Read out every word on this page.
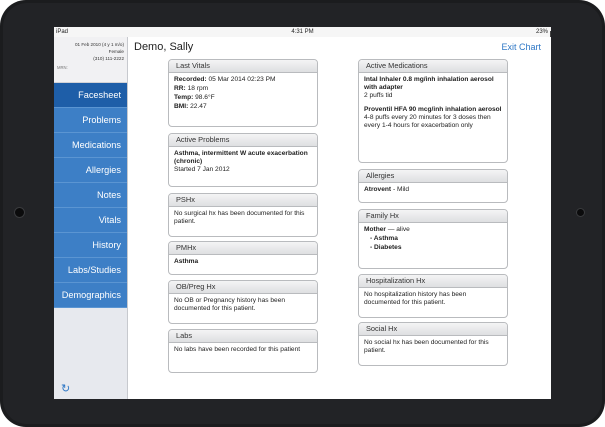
iPad	4:31 PM	23%
01 Feb 2010 (4 y 1 m/o)
Female
(310) 111-2222
MRN:
Facesheet
Problems
Medications
Allergies
Notes
Vitals
History
Labs/Studies
Demographics
↻
Demo, Sally	Exit Chart
Last Vitals
Recorded: 05 Mar 2014 02:23 PM
RR: 18 rpm
Temp: 98.6°F
BMI: 22.47
Active Problems
Asthma, intermittent W acute exacerbation (chronic)
Started 7 Jan 2012
PSHx
No surgical hx has been documented for this patient.
PMHx
Asthma
OB/Preg Hx
No OB or Pregnancy history has been documented for this patient.
Labs
No labs have been recorded for this patient
Active Medications
Intal Inhaler 0.8 mg/inh inhalation aerosol with adapter
2 puffs tid
Proventil HFA 90 mcg/inh inhalation aerosol
4-8 puffs every 20 minutes for 3 doses then every 1-4 hours for exacerbation only
Allergies
Atrovent - Mild
Family Hx
Mother — alive
- Asthma
- Diabetes
Hospitalization Hx
No hospitalization history has been documented for this patient.
Social Hx
No social hx has been documented for this patient.
